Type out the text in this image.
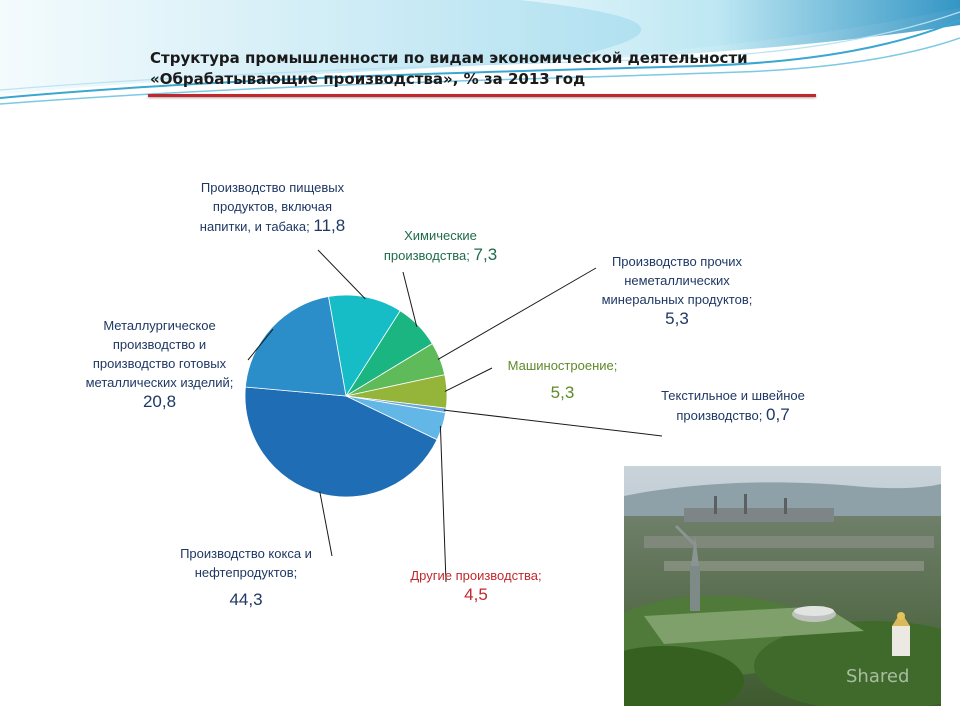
Структура промышленности по видам экономической деятельности «Обрабатывающие производства», % за 2013 год
Производство пищевых продуктов, включая напитки, и табака; 11,8
Химические производства; 7,3	Производство прочих неметаллических минеральных продуктов; 5,3
Машиностроение;
5,3	Текстильное и швейное производство; 0,7
Металлургическое производство и производство готовых металлических изделий; 20,8
Производство кокса и нефтепродуктов;
44,3
Другие производства; 4,5
Shared
